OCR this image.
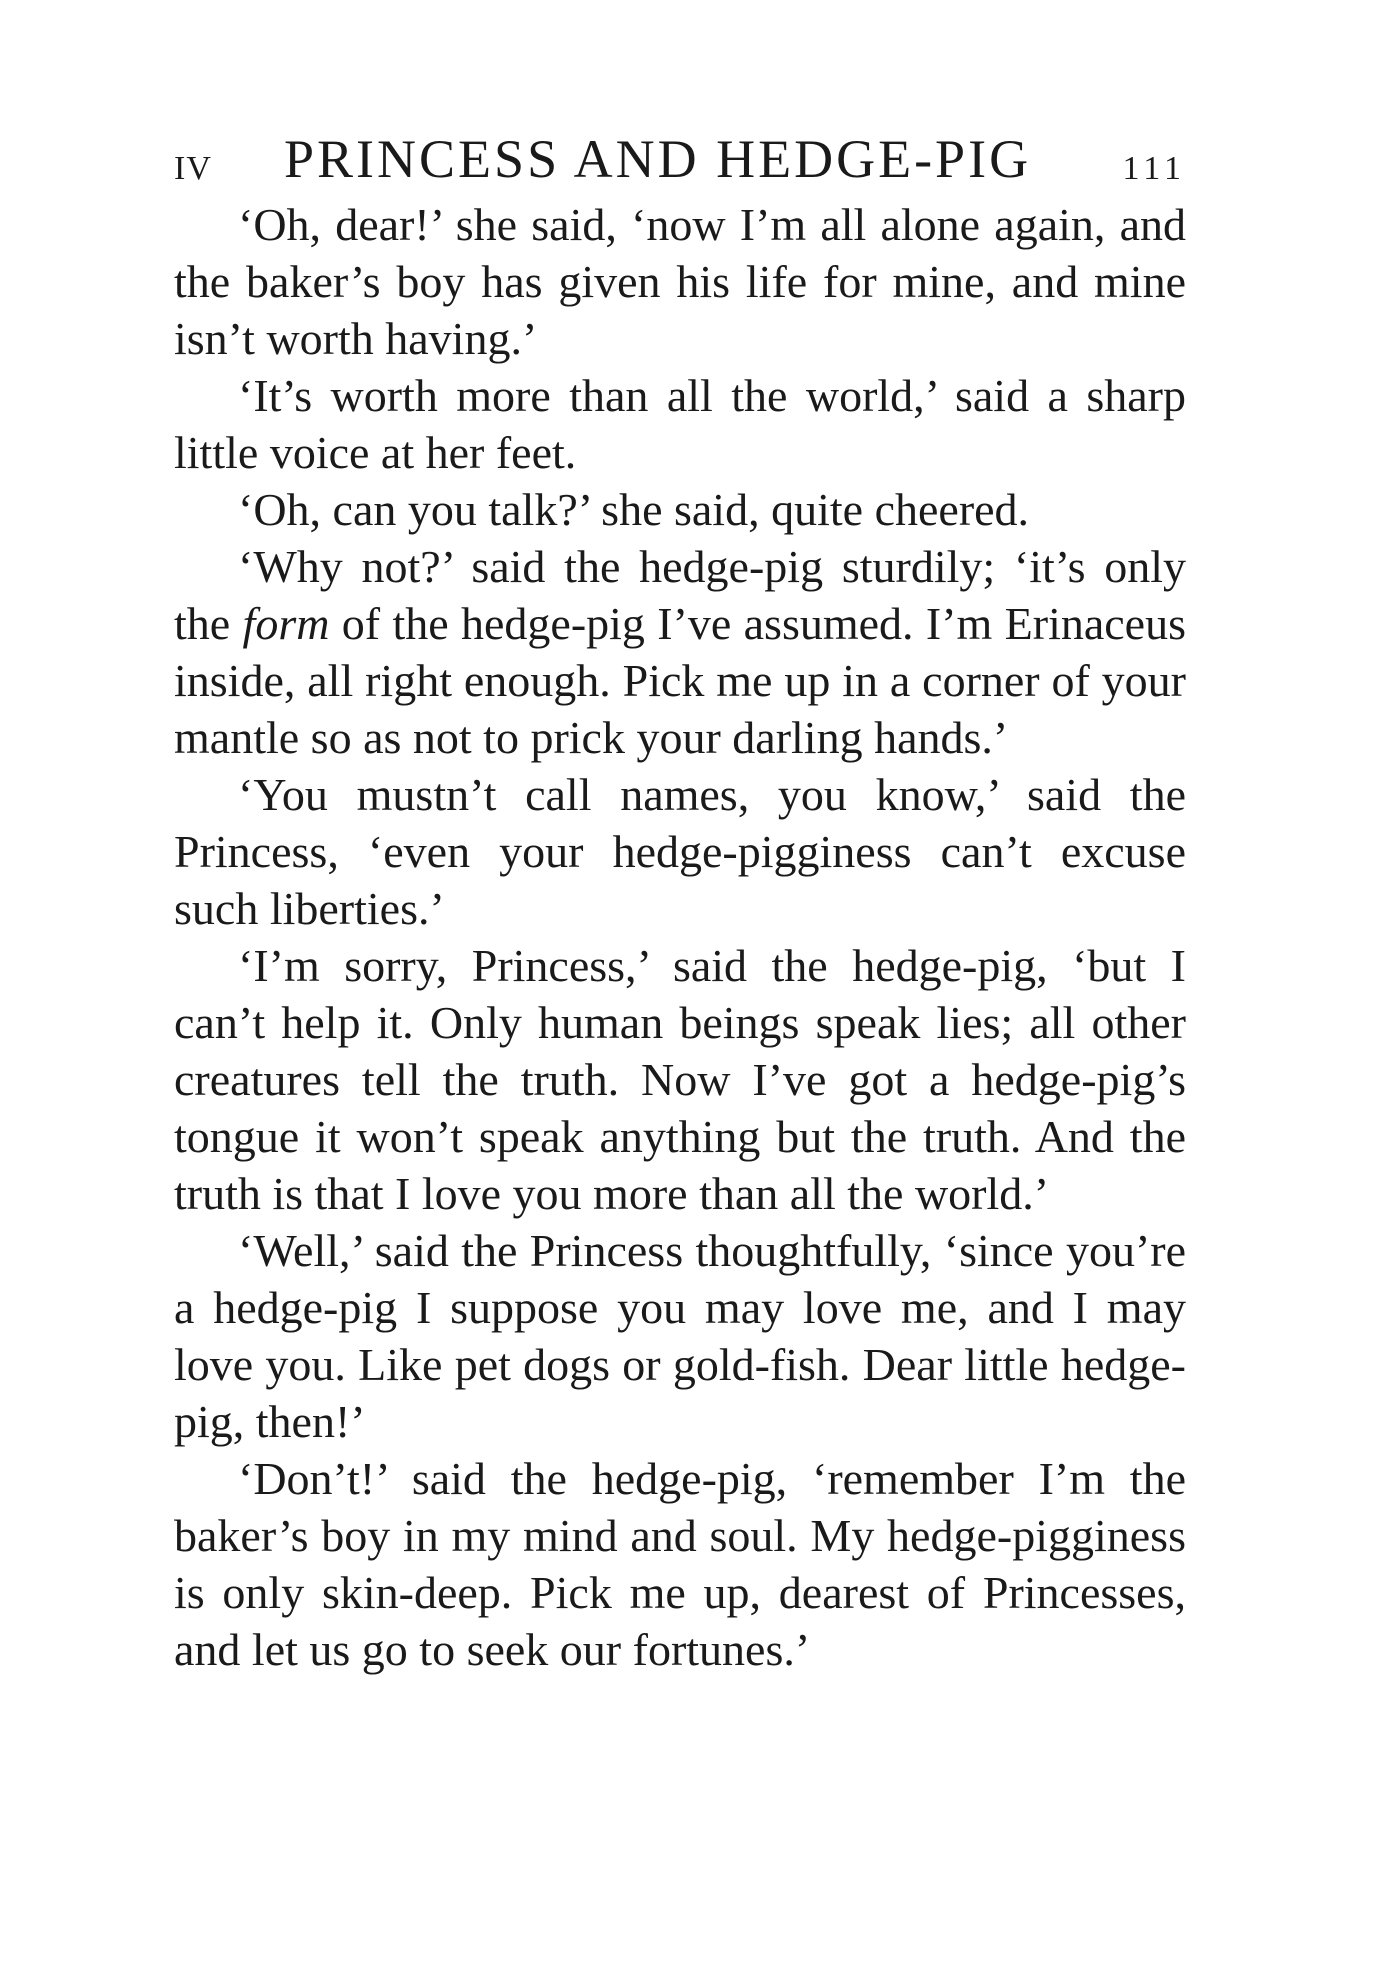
IV PRINCESS AND HEDGE-PIG	111

‘Oh, dear!’ she said, ‘now I’m all alone again, and the baker’s boy has given his life for mine, and mine isn’t worth having.’

‘It’s worth more than all the world,’ said a sharp little voice at her feet.

‘Oh, can you talk?’ she said, quite cheered.

‘Why not?’ said the hedge-pig sturdily; ‘it’s only the form of the hedge-pig I’ve assumed. I’m Erinaceus inside, all right enough. Pick me up in a corner of your mantle so as not to prick your darling hands.’

‘You mustn’t call names, you know,’ said the Princess, ‘even your hedge-pigginess can’t excuse such liberties.’

‘I’m sorry, Princess,’ said the hedge-pig, ‘but I can’t help it. Only human beings speak lies; all other creatures tell the truth. Now I’ve got a hedge-pig’s tongue it won’t speak anything but the truth. And the truth is that I love you more than all the world.’

‘Well,’ said the Princess thoughtfully, ‘since you’re a hedge-pig I suppose you may love me, and I may love you. Like pet dogs or gold-fish. Dear little hedge-pig, then!’

‘Don’t!’ said the hedge-pig, ‘remember I’m the baker’s boy in my mind and soul. My hedge-pigginess is only skin-deep. Pick me up, dearest of Princesses, and let us go to seek our fortunes.’
